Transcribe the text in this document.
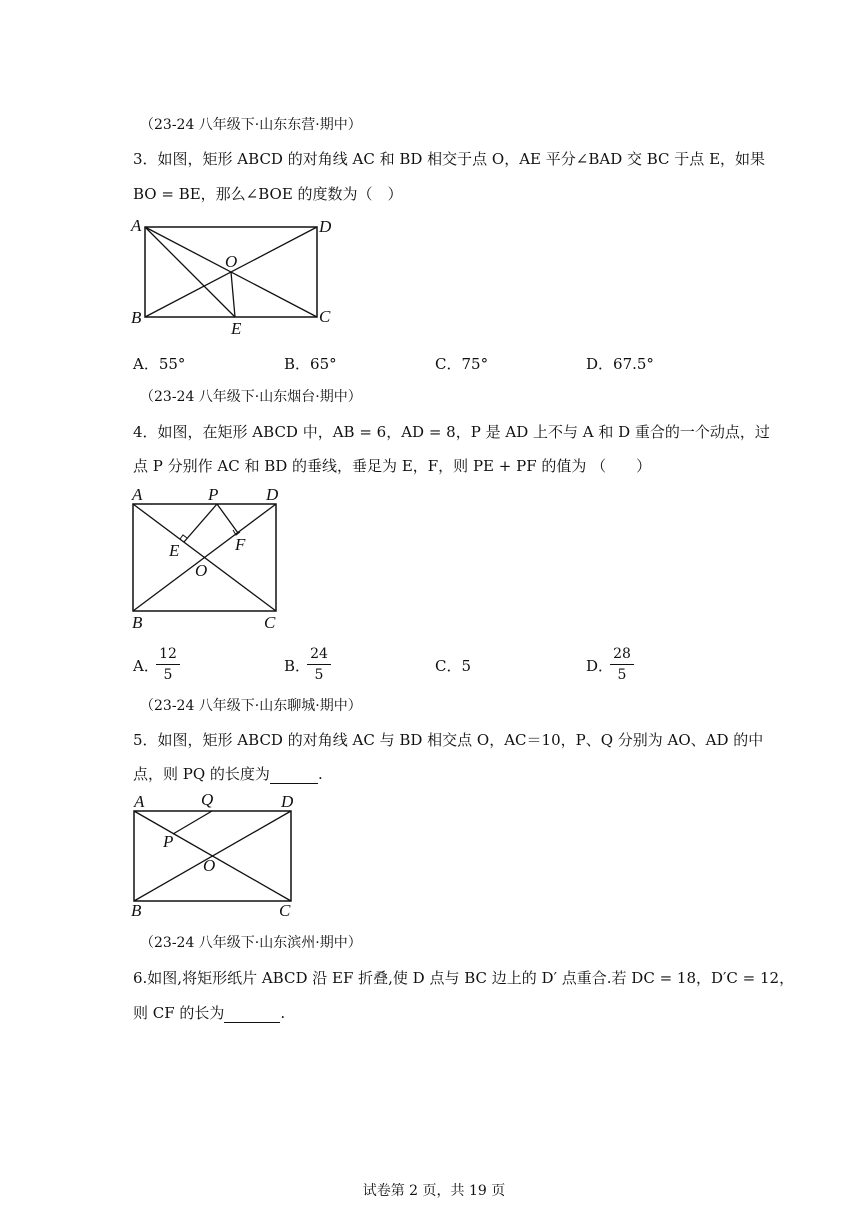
（23-24 八年级下·山东东营·期中）
3．如图，矩形 ABCD 的对角线 AC 和 BD 相交于点 O，AE 平分∠BAD 交 BC 于点 E，如果
BO = BE，那么∠BOE 的度数为（　）
A	D
B	C
O
E
A．55°	B．65°	C．75°	D．67.5°
（23-24 八年级下·山东烟台·期中）
4．如图，在矩形 ABCD 中，AB = 6，AD = 8，P 是 AD 上不与 A 和 D 重合的一个动点，过
点 P 分别作 AC 和 BD 的垂线，垂足为 E，F，则 PE + PF 的值为 （　　）
A	P	D
E	F
O
B	C
A．
12
5	B．
24
5	C．5	D．
28
5
（23-24 八年级下·山东聊城·期中）
5．如图，矩形 ABCD 的对角线 AC 与 BD 相交点 O，AC＝10，P、Q 分别为 AO、AD 的中
点，则 PQ 的长度为	.
A	Q	D
P
O
B	C
（23-24 八年级下·山东滨州·期中）
6.如图,将矩形纸片 ABCD 沿 EF 折叠,使 D 点与 BC 边上的 D′ 点重合.若 DC = 18，D′C = 12，
则 CF 的长为	.
试卷第 2 页，共 19 页
